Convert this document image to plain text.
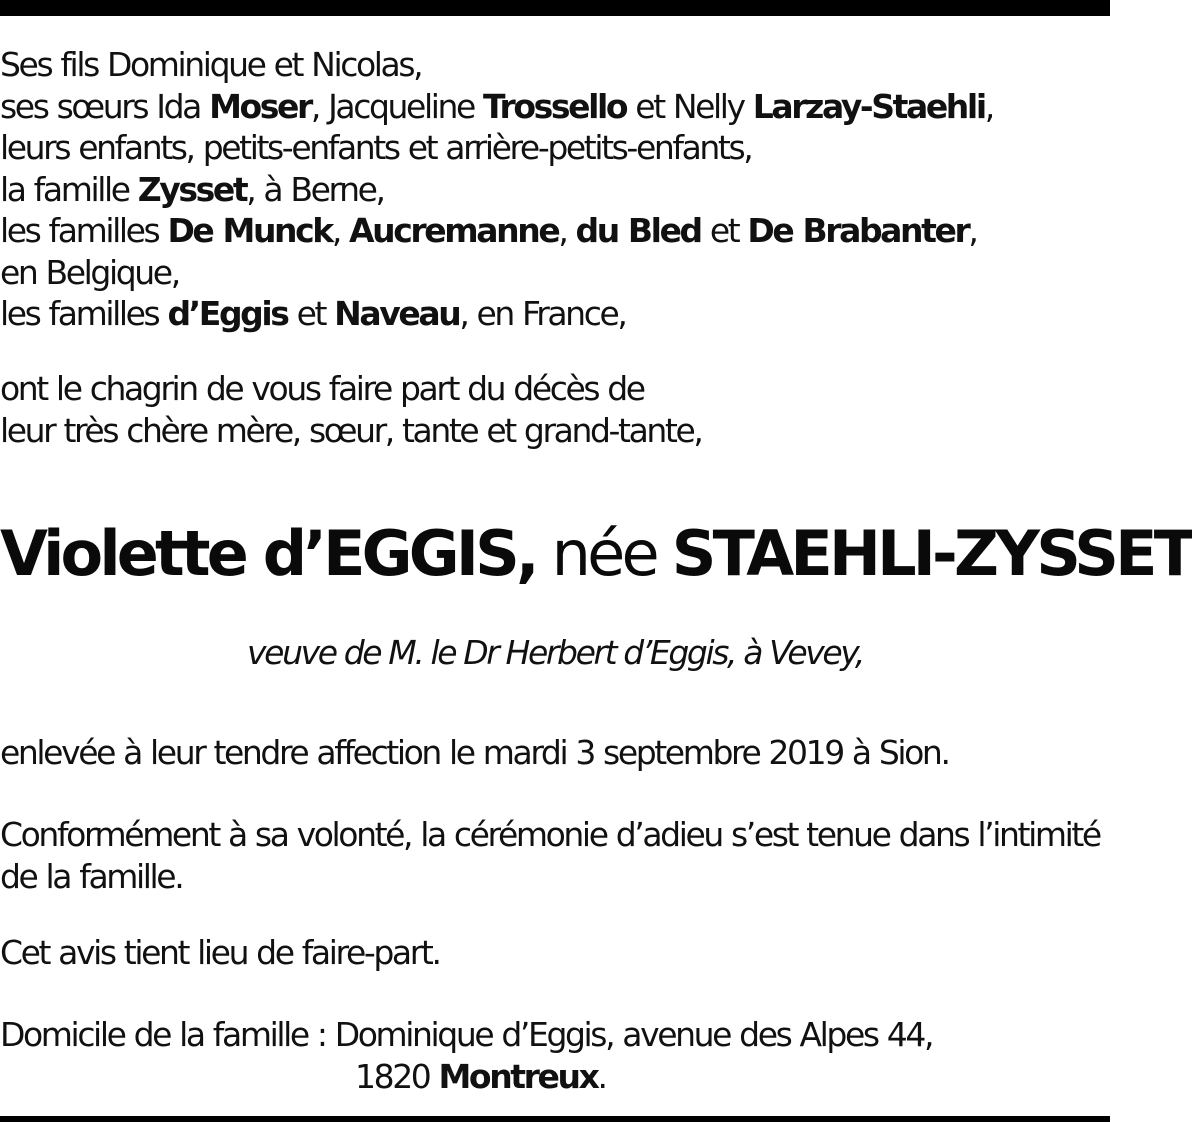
Ses fils Dominique et Nicolas,
ses sœurs Ida Moser, Jacqueline Trossello et Nelly Larzay-Staehli,
leurs enfants, petits-enfants et arrière-petits-enfants,
la famille Zysset, à Berne,
les familles De Munck, Aucremanne, du Bled et De Brabanter,
en Belgique,
les familles d’Eggis et Naveau, en France,
ont le chagrin de vous faire part du décès de
leur très chère mère, sœur, tante et grand-tante,
Violette d’EGGIS, née STAEHLI-ZYSSET
veuve de M. le Dr Herbert d’Eggis, à Vevey,
enlevée à leur tendre affection le mardi 3 septembre 2019 à Sion.
Conformément à sa volonté, la cérémonie d’adieu s’est tenue dans l’intimité
de la famille.
Cet avis tient lieu de faire-part.
Domicile de la famille : Dominique d’Eggis, avenue des Alpes 44,
1820 Montreux.
